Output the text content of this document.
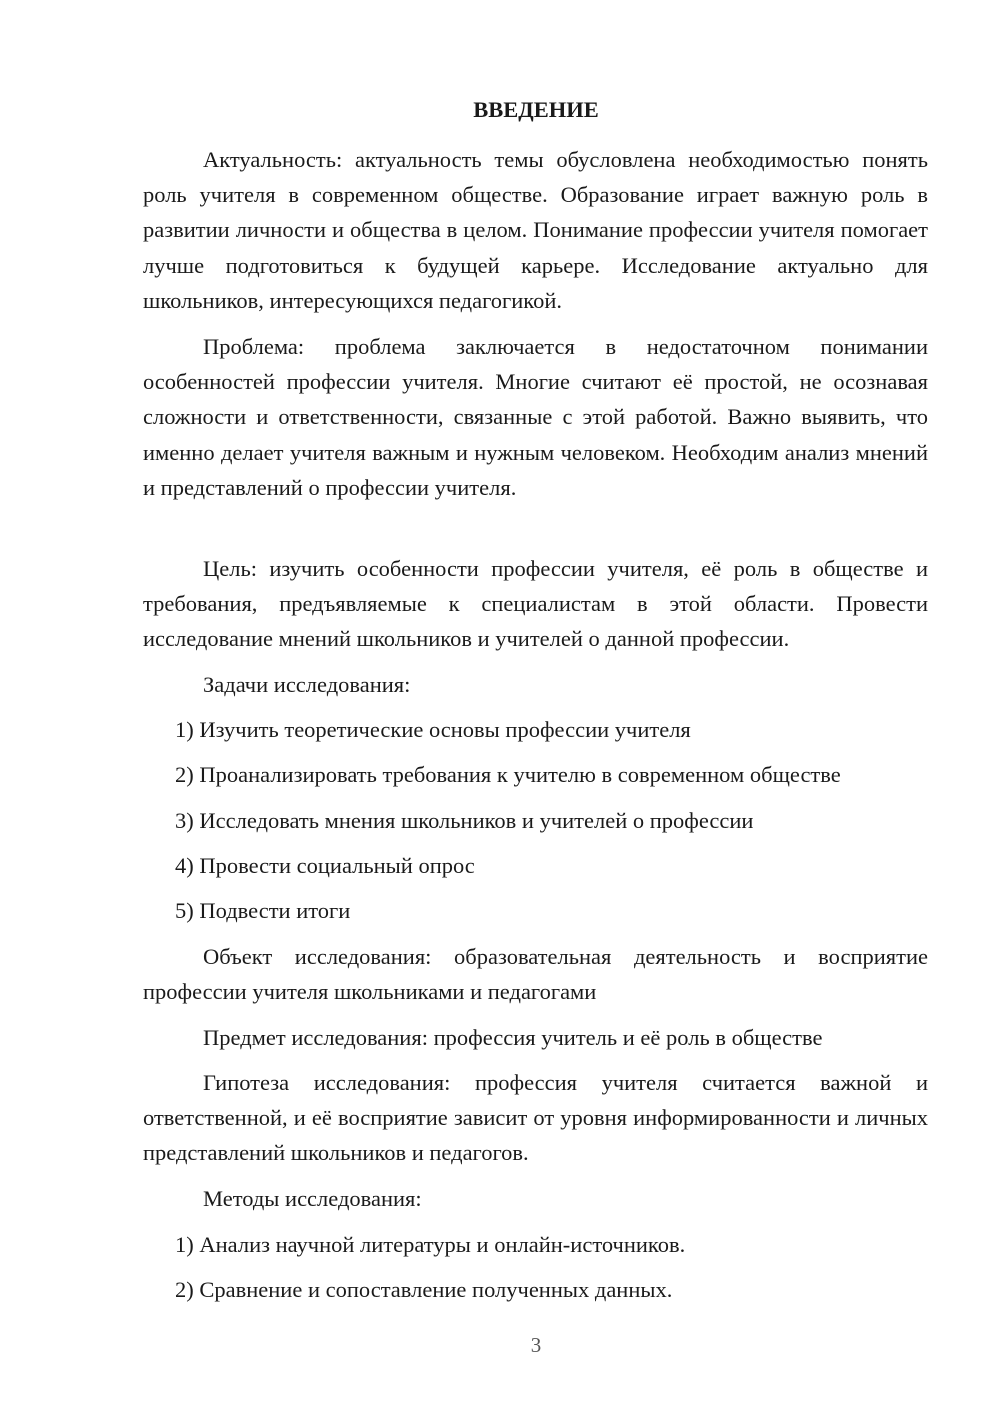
ВВЕДЕНИЕ

Актуальность: актуальность темы обусловлена необходимостью понять роль учителя в современном обществе. Образование играет важную роль в развитии личности и общества в целом. Понимание профессии учителя помогает лучше подготовиться к будущей карьере. Исследование актуально для школьников, интересующихся педагогикой.

Проблема: проблема заключается в недостаточном понимании особенностей профессии учителя. Многие считают её простой, не осознавая сложности и ответственности, связанные с этой работой. Важно выявить, что именно делает учителя важным и нужным человеком. Необходим анализ мнений и представлений о профессии учителя.

Цель: изучить особенности профессии учителя, её роль в обществе и требования, предъявляемые к специалистам в этой области. Провести исследование мнений школьников и учителей о данной профессии.

Задачи исследования:
1) Изучить теоретические основы профессии учителя
2) Проанализировать требования к учителю в современном обществе
3) Исследовать мнения школьников и учителей о профессии
4) Провести социальный опрос
5) Подвести итоги

Объект исследования: образовательная деятельность и восприятие профессии учителя школьниками и педагогами

Предмет исследования: профессия учитель и её роль в обществе

Гипотеза исследования: профессия учителя считается важной и ответственной, и её восприятие зависит от уровня информированности и личных представлений школьников и педагогов.

Методы исследования:
1) Анализ научной литературы и онлайн-источников.
2) Сравнение и сопоставление полученных данных.
3
